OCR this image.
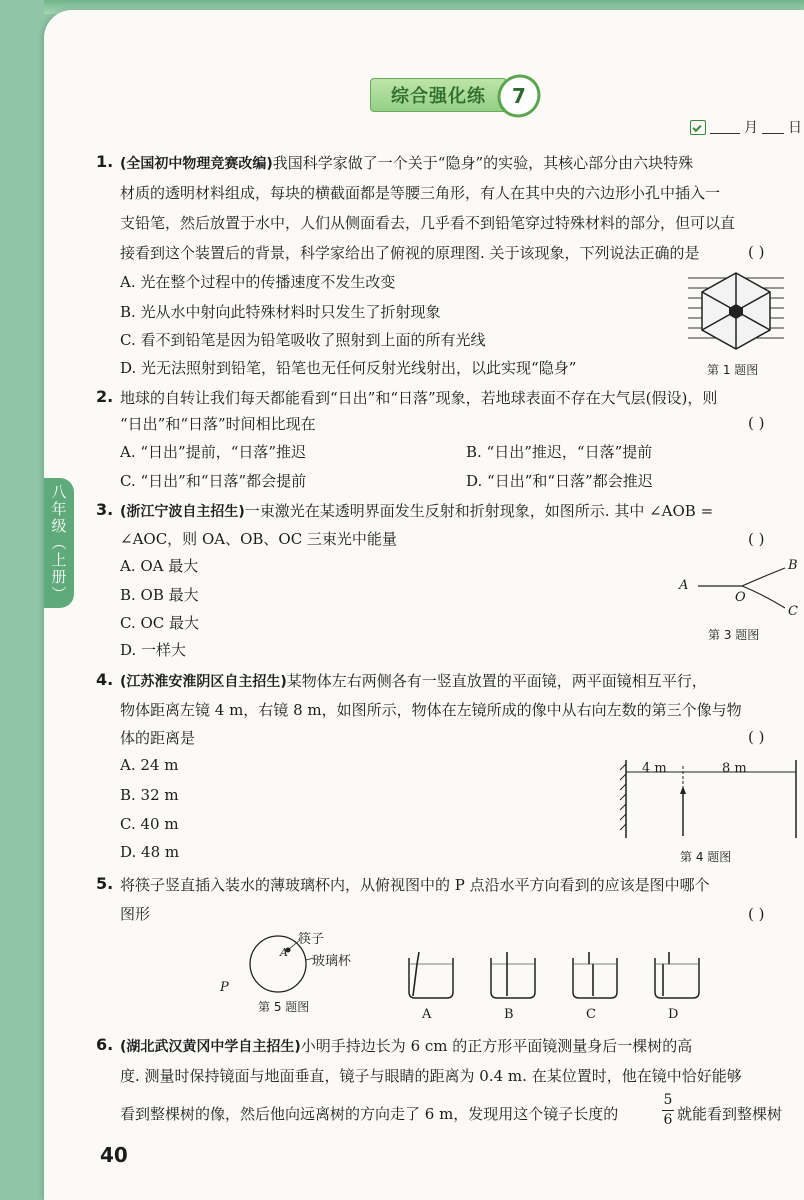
综合强化练	7
月 日
八年级（上册）
1. (全国初中物理竞赛改编)我国科学家做了一个关于“隐身”的实验，其核心部分由六块特殊
材质的透明材料组成，每块的横截面都是等腰三角形，有人在其中央的六边形小孔中插入一
支铅笔，然后放置于水中，人们从侧面看去，几乎看不到铅笔穿过特殊材料的部分，但可以直
接看到这个装置后的背景，科学家给出了俯视的原理图. 关于该现象，下列说法正确的是	( )
A. 光在整个过程中的传播速度不发生改变
B. 光从水中射向此特殊材料时只发生了折射现象
C. 看不到铅笔是因为铅笔吸收了照射到上面的所有光线
D. 光无法照射到铅笔，铅笔也无任何反射光线射出，以此实现“隐身”	第 1 题图
2. 地球的自转让我们每天都能看到“日出”和“日落”现象，若地球表面不存在大气层(假设)，则
“日出”和“日落”时间相比现在	( )
A. “日出”提前，“日落”推迟	B. “日出”推迟，“日落”提前
C. “日出”和“日落”都会提前	D. “日出”和“日落”都会推迟
3. (浙江宁波自主招生)一束激光在某透明界面发生反射和折射现象，如图所示. 其中 ∠AOB =
∠AOC，则 OA、OB、OC 三束光中能量	( )
A. OA 最大
B. OB 最大
C. OC 最大
D. 一样大
A
O
B
C
第 3 题图
4. (江苏淮安淮阴区自主招生)某物体左右两侧各有一竖直放置的平面镜，两平面镜相互平行，
物体距离左镜 4 m，右镜 8 m，如图所示，物体在左镜所成的像中从右向左数的第三个像与物
体的距离是	( )
A. 24 m
B. 32 m
C. 40 m
D. 48 m
4 m	8 m
第 4 题图
5. 将筷子竖直插入装水的薄玻璃杯内，从俯视图中的 P 点沿水平方向看到的应该是图中哪个
图形	( )
筷子
玻璃杯
A
P
第 5 题图	A	B	C	D
6. (湖北武汉黄冈中学自主招生)小明手持边长为 6 cm 的正方形平面镜测量身后一棵树的高
度. 测量时保持镜面与地面垂直，镜子与眼睛的距离为 0.4 m. 在某位置时，他在镜中恰好能够
看到整棵树的像，然后他向远离树的方向走了 6 m，发现用这个镜子长度的
5
6 就能看到整棵树
40
